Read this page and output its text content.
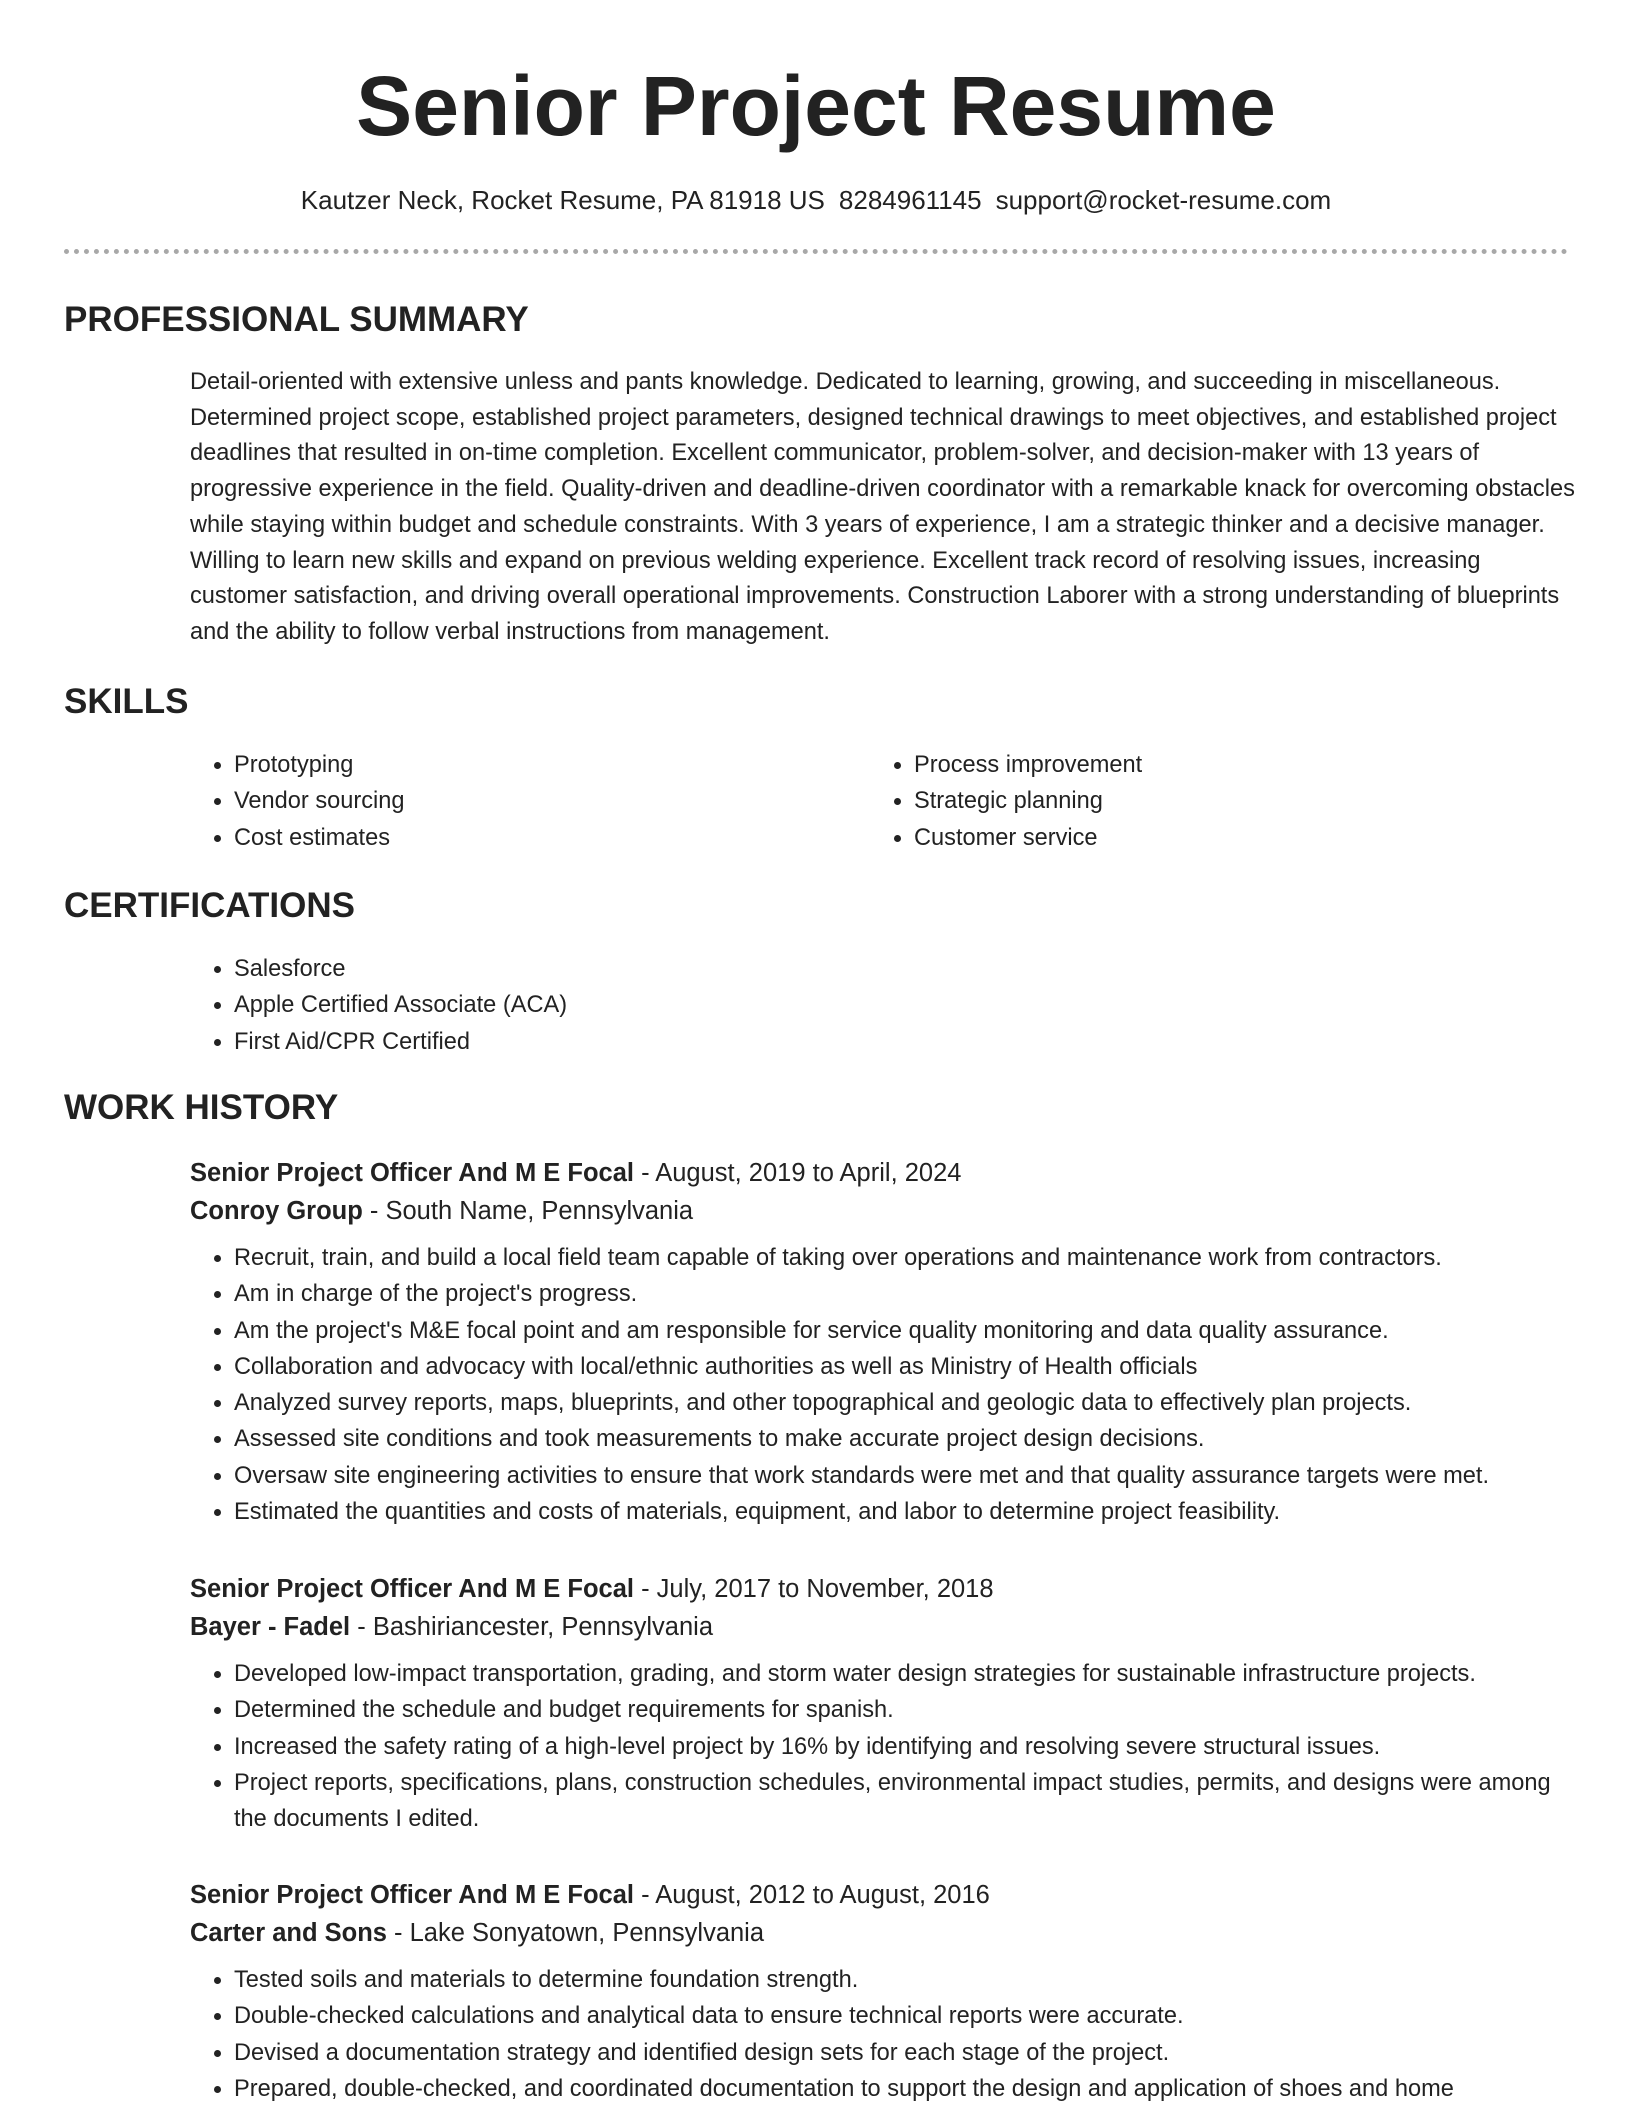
Senior Project Resume
Kautzer Neck, Rocket Resume, PA 81918 US 8284961145 support@rocket-resume.com
PROFESSIONAL SUMMARY

Detail-oriented with extensive unless and pants knowledge. Dedicated to learning, growing, and succeeding in miscellaneous. Determined project scope, established project parameters, designed technical drawings to meet objectives, and established project deadlines that resulted in on-time completion. Excellent communicator, problem-solver, and decision-maker with 13 years of progressive experience in the field. Quality-driven and deadline-driven coordinator with a remarkable knack for overcoming obstacles while staying within budget and schedule constraints. With 3 years of experience, I am a strategic thinker and a decisive manager. Willing to learn new skills and expand on previous welding experience. Excellent track record of resolving issues, increasing customer satisfaction, and driving overall operational improvements. Construction Laborer with a strong understanding of blueprints and the ability to follow verbal instructions from management.

SKILLS
• Prototyping
• Vendor sourcing
• Cost estimates
• Process improvement
• Strategic planning
• Customer service
CERTIFICATIONS
• Salesforce
• Apple Certified Associate (ACA)
• First Aid/CPR Certified
WORK HISTORY

Senior Project Officer And M E Focal - August, 2019 to April, 2024

Conroy Group - South Name, Pennsylvania

• Recruit, train, and build a local field team capable of taking over operations and maintenance work from contractors.
• Am in charge of the project's progress.
• Am the project's M&E focal point and am responsible for service quality monitoring and data quality assurance.
• Collaboration and advocacy with local/ethnic authorities as well as Ministry of Health officials
• Analyzed survey reports, maps, blueprints, and other topographical and geologic data to effectively plan projects.
• Assessed site conditions and took measurements to make accurate project design decisions.
• Oversaw site engineering activities to ensure that work standards were met and that quality assurance targets were met.
• Estimated the quantities and costs of materials, equipment, and labor to determine project feasibility.

Senior Project Officer And M E Focal - July, 2017 to November, 2018

Bayer - Fadel - Bashiriancester, Pennsylvania

• Developed low-impact transportation, grading, and storm water design strategies for sustainable infrastructure projects.
• Determined the schedule and budget requirements for spanish.
• Increased the safety rating of a high-level project by 16% by identifying and resolving severe structural issues.
• Project reports, specifications, plans, construction schedules, environmental impact studies, permits, and designs were among the documents I edited.

Senior Project Officer And M E Focal - August, 2012 to August, 2016

Carter and Sons - Lake Sonyatown, Pennsylvania

• Tested soils and materials to determine foundation strength.
• Double-checked calculations and analytical data to ensure technical reports were accurate.
• Devised a documentation strategy and identified design sets for each stage of the project.
• Prepared, double-checked, and coordinated documentation to support the design and application of shoes and home
